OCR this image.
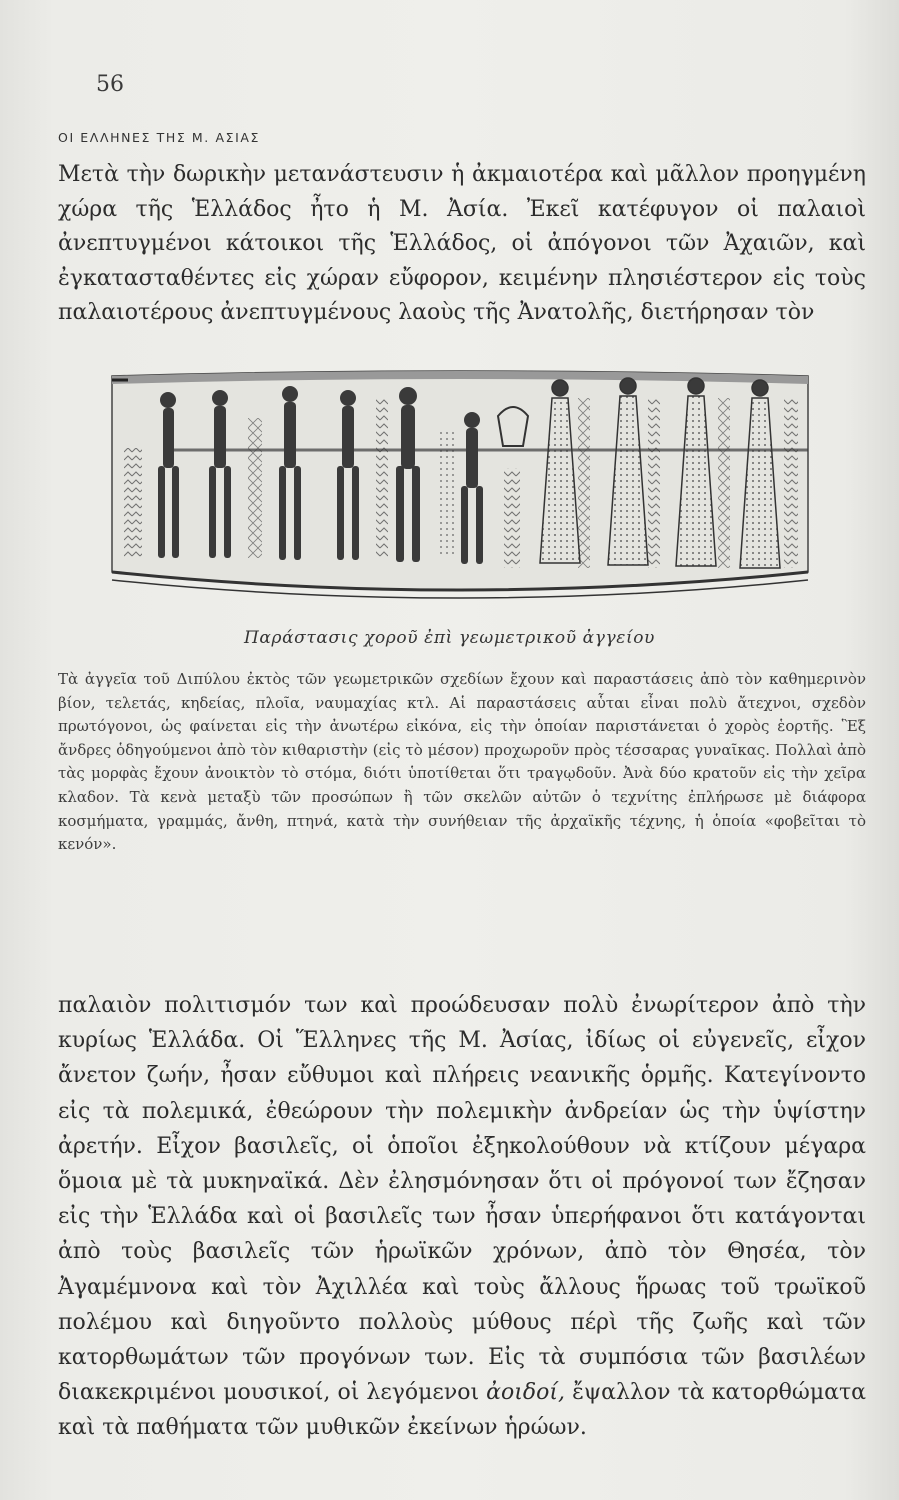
56
ΟΙ ΕΛΛΗΝΕΣ ΤΗΣ Μ. ΑΣΙΑΣ

Μετὰ τὴν δωρικὴν μετανάστευσιν ἡ ἀκμαιοτέρα καὶ μᾶλλον προηγμένη χώρα τῆς Ἑλλάδος ἦτο ἡ Μ. Ἀσία. Ἐκεῖ κατέφυγον οἱ παλαιοὶ ἀνεπτυγμένοι κάτοικοι τῆς Ἑλλάδος, οἱ ἀπόγονοι τῶν Ἀχαιῶν, καὶ ἐγκατασταθέντες εἰς χώραν εὔφορον, κειμένην πλησιέστερον εἰς τοὺς παλαιοτέρους ἀνεπτυγμένους λαοὺς τῆς Ἀνατολῆς, διετήρησαν τὸν

Παράστασις χοροῦ ἐπὶ γεωμετρικοῦ ἀγγείου

Τὰ ἀγγεῖα τοῦ Διπύλου ἐκτὸς τῶν γεωμετρικῶν σχεδίων ἔχουν καὶ παραστάσεις ἀπὸ τὸν καθημερινὸν βίον, τελετάς, κηδείας, πλοῖα, ναυμαχίας κτλ. Αἱ παραστάσεις αὗται εἶναι πολὺ ἄτεχνοι, σχεδὸν πρωτόγονοι, ὡς φαίνεται εἰς τὴν ἀνωτέρω εἰκόνα, εἰς τὴν ὁποίαν παριστάνεται ὁ χορὸς ἑορτῆς. Ἓξ ἄνδρες ὁδηγούμενοι ἀπὸ τὸν κιθαριστὴν (εἰς τὸ μέσον) προχωροῦν πρὸς τέσσαρας γυναῖκας. Πολλαὶ ἀπὸ τὰς μορφὰς ἔχουν ἀνοικτὸν τὸ στόμα, διότι ὑποτίθεται ὅτι τραγῳδοῦν. Ἀνὰ δύο κρατοῦν εἰς τὴν χεῖρα κλαδον. Τὰ κενὰ μεταξὺ τῶν προσώπων ἢ τῶν σκελῶν αὐτῶν ὁ τεχνίτης ἐπλήρωσε μὲ διάφορα κοσμήματα, γραμμάς, ἄνθη, πτηνά, κατὰ τὴν συνήθειαν τῆς ἀρχαϊκῆς τέχνης, ἡ ὁποία «φοβεῖται τὸ κενόν».

παλαιὸν πολιτισμόν των καὶ προώδευσαν πολὺ ἐνωρίτερον ἀπὸ τὴν κυρίως Ἑλλάδα. Οἱ Ἕλληνες τῆς Μ. Ἀσίας, ἰδίως οἱ εὐγενεῖς, εἶχον ἄνετον ζωήν, ἦσαν εὔθυμοι καὶ πλήρεις νεανικῆς ὁρμῆς. Κατεγίνοντο εἰς τὰ πολεμικά, ἐθεώρουν τὴν πολεμικὴν ἀνδρείαν ὡς τὴν ὑψίστην ἀρετήν. Εἶχον βασιλεῖς, οἱ ὁποῖοι ἐξηκολούθουν νὰ κτίζουν μέγαρα ὅμοια μὲ τὰ μυκηναϊκά. Δὲν ἐλησμόνησαν ὅτι οἱ πρόγονοί των ἔζησαν εἰς τὴν Ἑλλάδα καὶ οἱ βασιλεῖς των ἦσαν ὑπερήφανοι ὅτι κατάγονται ἀπὸ τοὺς βασιλεῖς τῶν ἡρωϊκῶν χρόνων, ἀπὸ τὸν Θησέα, τὸν Ἀγαμέμνονα καὶ τὸν Ἀχιλλέα καὶ τοὺς ἄλλους ἥρωας τοῦ τρωϊκοῦ πολέμου καὶ διηγοῦντο πολλοὺς μύθους πέρὶ τῆς ζωῆς καὶ τῶν κατορθωμάτων τῶν προγόνων των. Εἰς τὰ συμπόσια τῶν βασιλέων διακεκριμένοι μουσικοί, οἱ λεγόμενοι ἀοιδοί, ἔψαλλον τὰ κατορθώματα καὶ τὰ παθήματα τῶν μυθικῶν ἐκείνων ἡρώων.
